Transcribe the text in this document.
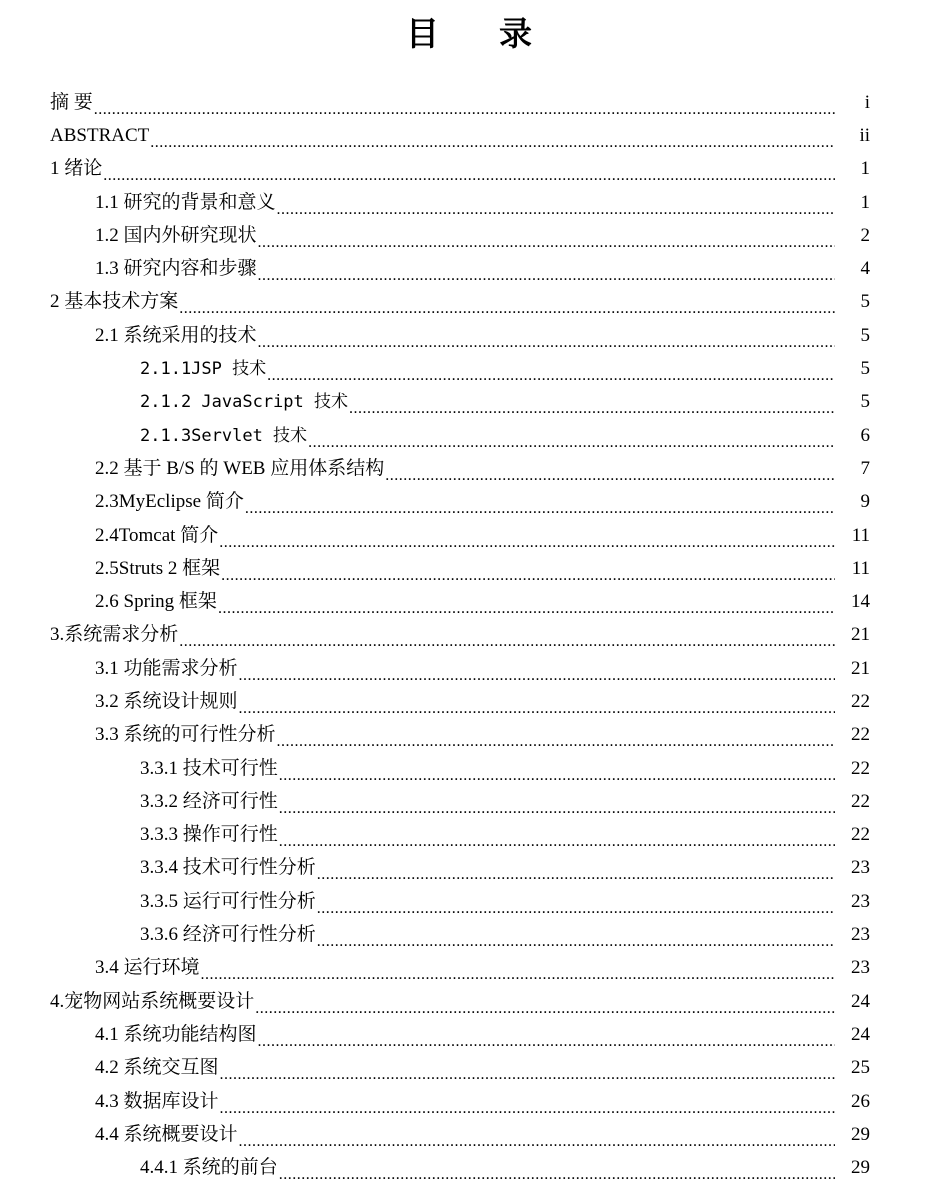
目 录
摘 要 .....	i
ABSTRACT .....	ii
1 绪论 .....	1
1.1 研究的背景和意义 .....	1
1.2 国内外研究现状 .....	2
1.3 研究内容和步骤 .....	4
2 基本技术方案 .....	5
2.1 系统采用的技术 .....	5
2.1.1JSP 技术 .....	5
2.1.2 JavaScript 技术 .....	5
2.1.3Servlet 技术 .....	6
2.2 基于 B/S 的 WEB 应用体系结构 .....	7
2.3MyEclipse 简介 .....	9
2.4Tomcat 简介 .....	11
2.5Struts 2 框架 .....	11
2.6 Spring 框架 .....	14
3.系统需求分析 .....	21
3.1 功能需求分析 .....	21
3.2 系统设计规则 .....	22
3.3 系统的可行性分析 .....	22
3.3.1 技术可行性 .....	22
3.3.2 经济可行性 .....	22
3.3.3 操作可行性 .....	22
3.3.4 技术可行性分析 .....	23
3.3.5 运行可行性分析 .....	23
3.3.6 经济可行性分析 .....	23
3.4 运行环境 .....	23
4.宠物网站系统概要设计 .....	24
4.1 系统功能结构图 .....	24
4.2 系统交互图 .....	25
4.3 数据库设计 .....	26
4.4 系统概要设计 .....	29
4.4.1 系统的前台 .....	29
